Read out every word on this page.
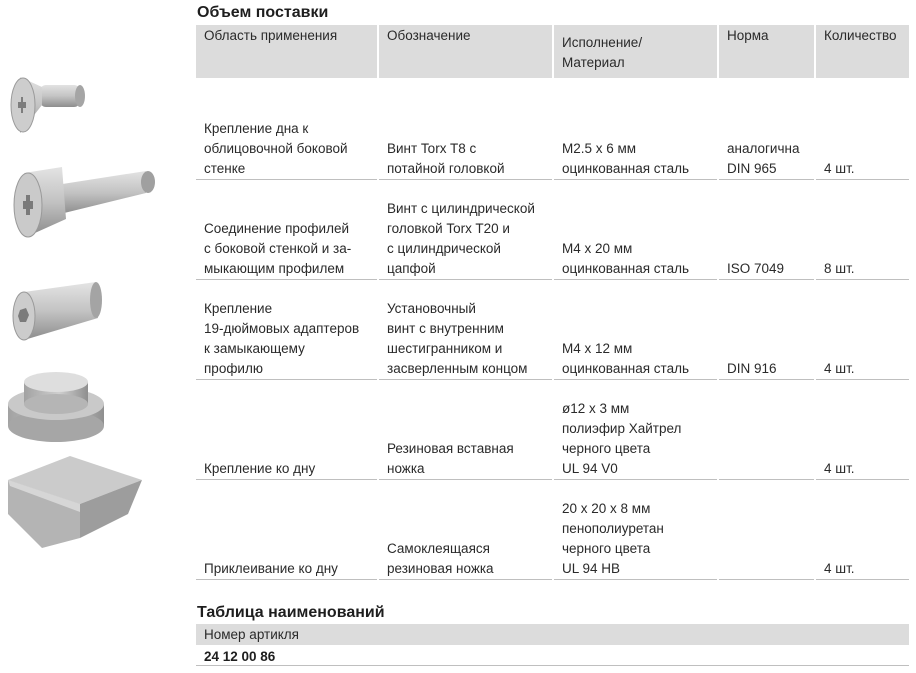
Объем поставки
Область применения	Обозначение	Исполнение/
Материал	Норма	Количество

Крепление дна к
облицовочной боковой
стенке	Винт Torx T8 с
потайной головкой	M2.5 x 6 мм
оцинкованная сталь	аналогична
DIN 965	4 шт.

Соединение профилей
с боковой стенкой и за-
мыкающим профилем	Винт с цилиндрической
головкой Torx T20 и
с цилиндрической
цапфой	M4 x 20 мм
оцинкованная сталь	ISO 7049	8 шт.

Крепление
19-дюймовых адаптеров
к замыкающему
профилю	Установочный
винт с внутренним
шестигранником и
засверленным концом	M4 x 12 мм
оцинкованная сталь	DIN 916	4 шт.

Крепление ко дну	Резиновая вставная
ножка	ø12 x 3 мм
полиэфир Хайтрел
черного цвета
UL 94 V0		4 шт.

Приклеивание ко дну	Самоклеящаяся
резиновая ножка	20 x 20 x 8 мм
пенополиуретан
черного цвета
UL 94 HB		4 шт.
Таблица наименований
Номер артикля
24 12 00 86
